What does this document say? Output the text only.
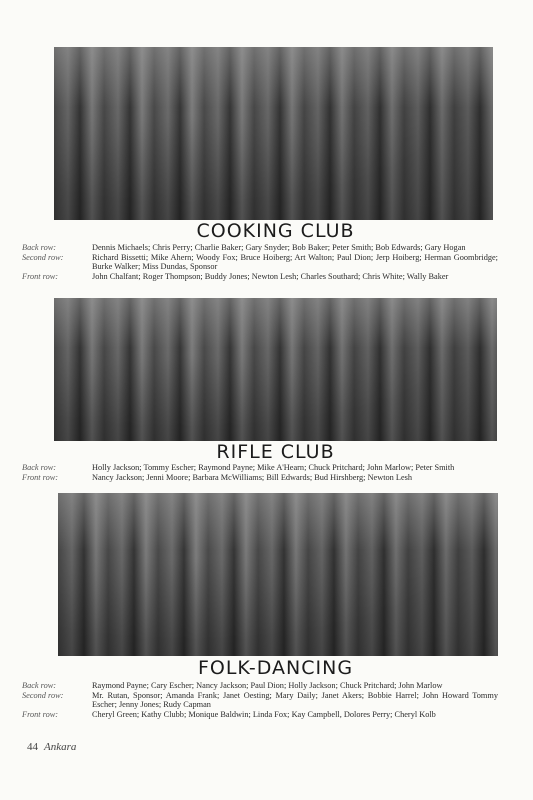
COOKING CLUB
Back row:	Dennis Michaels; Chris Perry; Charlie Baker; Gary Snyder; Bob Baker; Peter Smith; Bob Edwards; Gary Hogan
Second row:	Richard Bissetti; Mike Ahern; Woody Fox; Bruce Hoiberg; Art Walton; Paul Dion; Jerp Hoiberg; Herman Goombridge; Burke Walker; Miss Dundas, Sponsor
Front row:	John Chalfant; Roger Thompson; Buddy Jones; Newton Lesh; Charles Southard; Chris White; Wally Baker
RIFLE CLUB
Back row:	Holly Jackson; Tommy Escher; Raymond Payne; Mike A'Hearn; Chuck Pritchard; John Marlow; Peter Smith
Front row:	Nancy Jackson; Jenni Moore; Barbara McWilliams; Bill Edwards; Bud Hirshberg; Newton Lesh
FOLK-DANCING
Back row:	Raymond Payne; Cary Escher; Nancy Jackson; Paul Dion; Holly Jackson; Chuck Pritchard; John Marlow
Second row:	Mr. Rutan, Sponsor; Amanda Frank; Janet Oesting; Mary Daily; Janet Akers; Bobbie Harrel; John Howard Tommy Escher; Jenny Jones; Rudy Capman
Front row:	Cheryl Green; Kathy Clubb; Monique Baldwin; Linda Fox; Kay Campbell, Dolores Perry; Cheryl Kolb
44 Ankara
